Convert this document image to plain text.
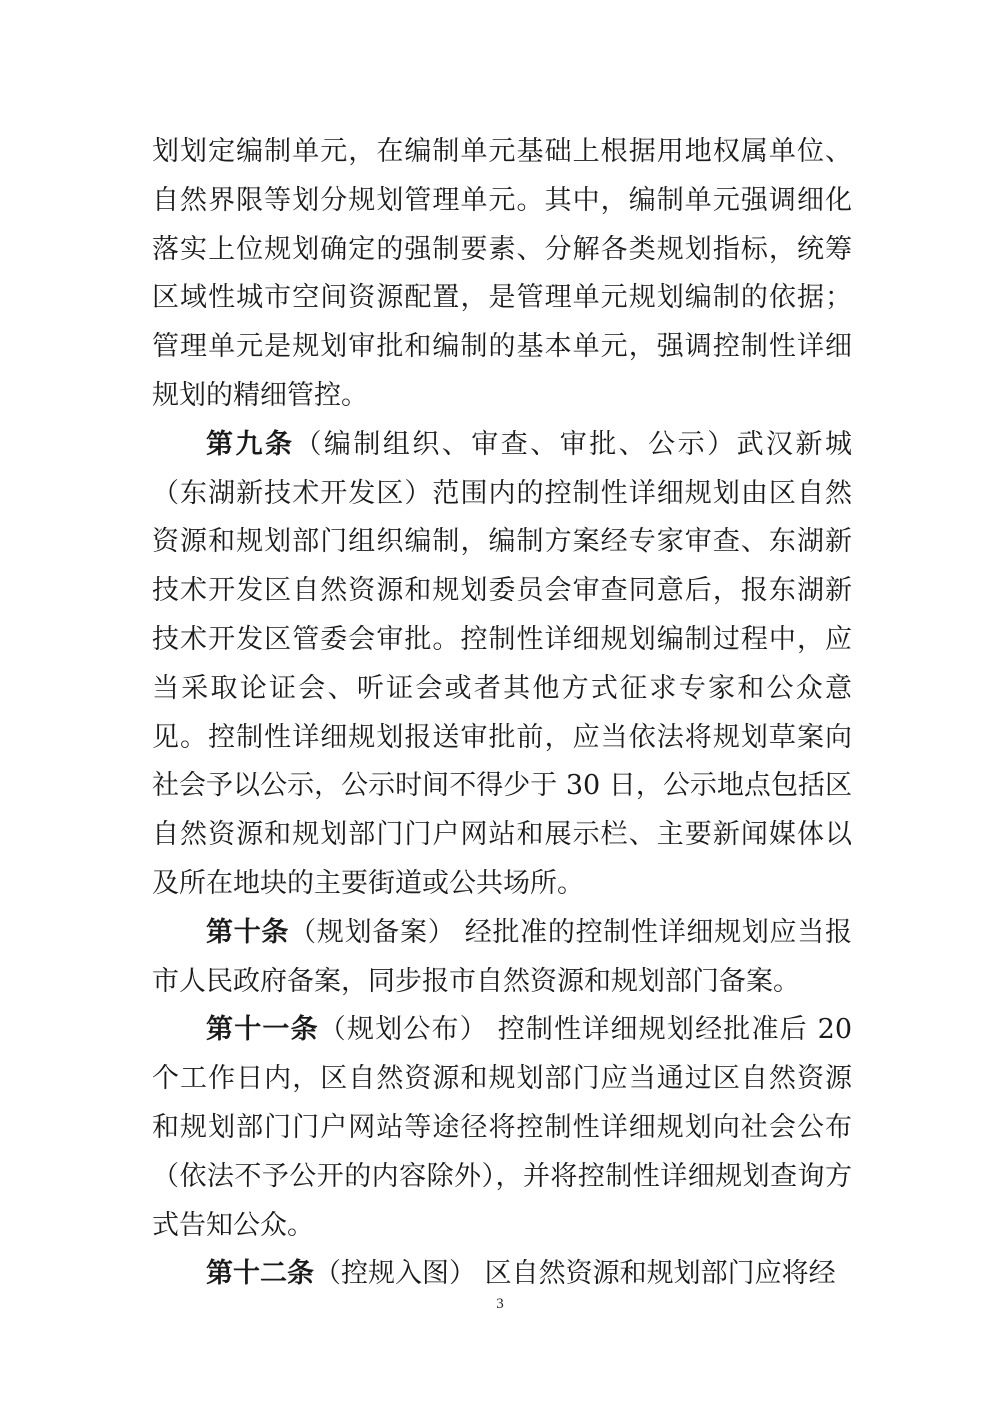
划划定编制单元，在编制单元基础上根据用地权属单位、自然界限等划分规划管理单元。其中，编制单元强调细化落实上位规划确定的强制要素、分解各类规划指标，统筹区域性城市空间资源配置，是管理单元规划编制的依据；管理单元是规划审批和编制的基本单元，强调控制性详细规划的精细管控。

第九条（编制组织、审查、审批、公示）武汉新城（东湖新技术开发区）范围内的控制性详细规划由区自然资源和规划部门组织编制，编制方案经专家审查、东湖新技术开发区自然资源和规划委员会审查同意后，报东湖新技术开发区管委会审批。控制性详细规划编制过程中，应当采取论证会、听证会或者其他方式征求专家和公众意见。控制性详细规划报送审批前，应当依法将规划草案向社会予以公示，公示时间不得少于 30 日，公示地点包括区自然资源和规划部门门户网站和展示栏、主要新闻媒体以及所在地块的主要街道或公共场所。

第十条（规划备案） 经批准的控制性详细规划应当报市人民政府备案，同步报市自然资源和规划部门备案。

第十一条（规划公布） 控制性详细规划经批准后 20 个工作日内，区自然资源和规划部门应当通过区自然资源和规划部门门户网站等途径将控制性详细规划向社会公布（依法不予公开的内容除外），并将控制性详细规划查询方式告知公众。

第十二条（控规入图） 区自然资源和规划部门应将经

3
